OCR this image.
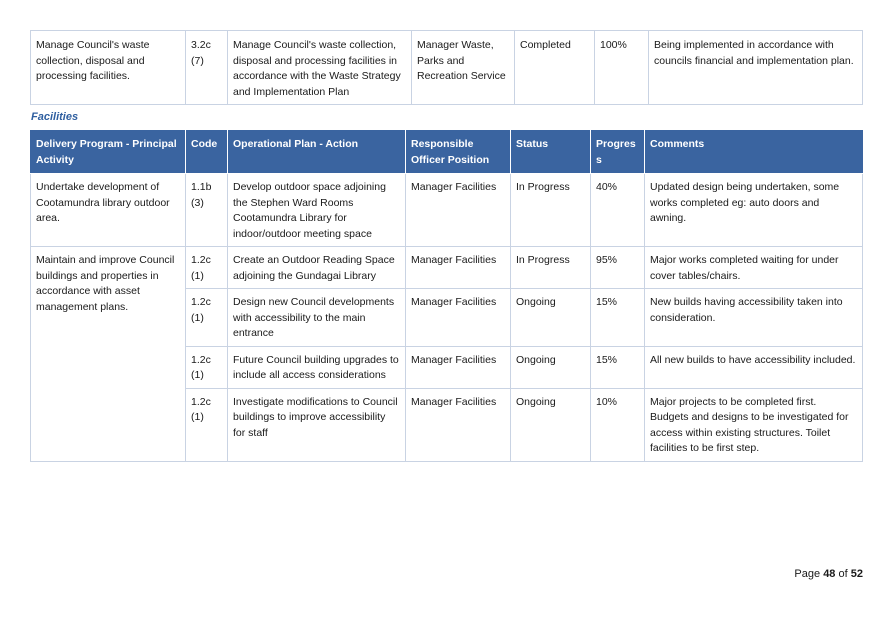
Manage Council's waste collection, disposal and processing facilities.	3.2c (7)	Manage Council's waste collection, disposal and processing facilities in accordance with the Waste Strategy and Implementation Plan	Manager Waste, Parks and Recreation Service	Completed	100%	Being implemented in accordance with councils financial and implementation plan.
Facilities
Delivery Program - Principal Activity	Code	Operational Plan - Action	Responsible Officer Position	Status	Progress	Comments
Undertake development of Cootamundra library outdoor area.	1.1b (3)	Develop outdoor space adjoining the Stephen Ward Rooms Cootamundra Library for indoor/outdoor meeting space	Manager Facilities	In Progress	40%	Updated design being undertaken, some works completed eg: auto doors and awning.
Maintain and improve Council buildings and properties in accordance with asset management plans.	1.2c (1)	Create an Outdoor Reading Space adjoining the Gundagai Library	Manager Facilities	In Progress	95%	Major works completed waiting for under cover tables/chairs.
	1.2c (1)	Design new Council developments with accessibility to the main entrance	Manager Facilities	Ongoing	15%	New builds having accessibility taken into consideration.
	1.2c (1)	Future Council building upgrades to include all access considerations	Manager Facilities	Ongoing	15%	All new builds to have accessibility included.
	1.2c (1)	Investigate modifications to Council buildings to improve accessibility for staff	Manager Facilities	Ongoing	10%	Major projects to be completed first. Budgets and designs to be investigated for access within existing structures. Toilet facilities to be first step.
Page 48 of 52
